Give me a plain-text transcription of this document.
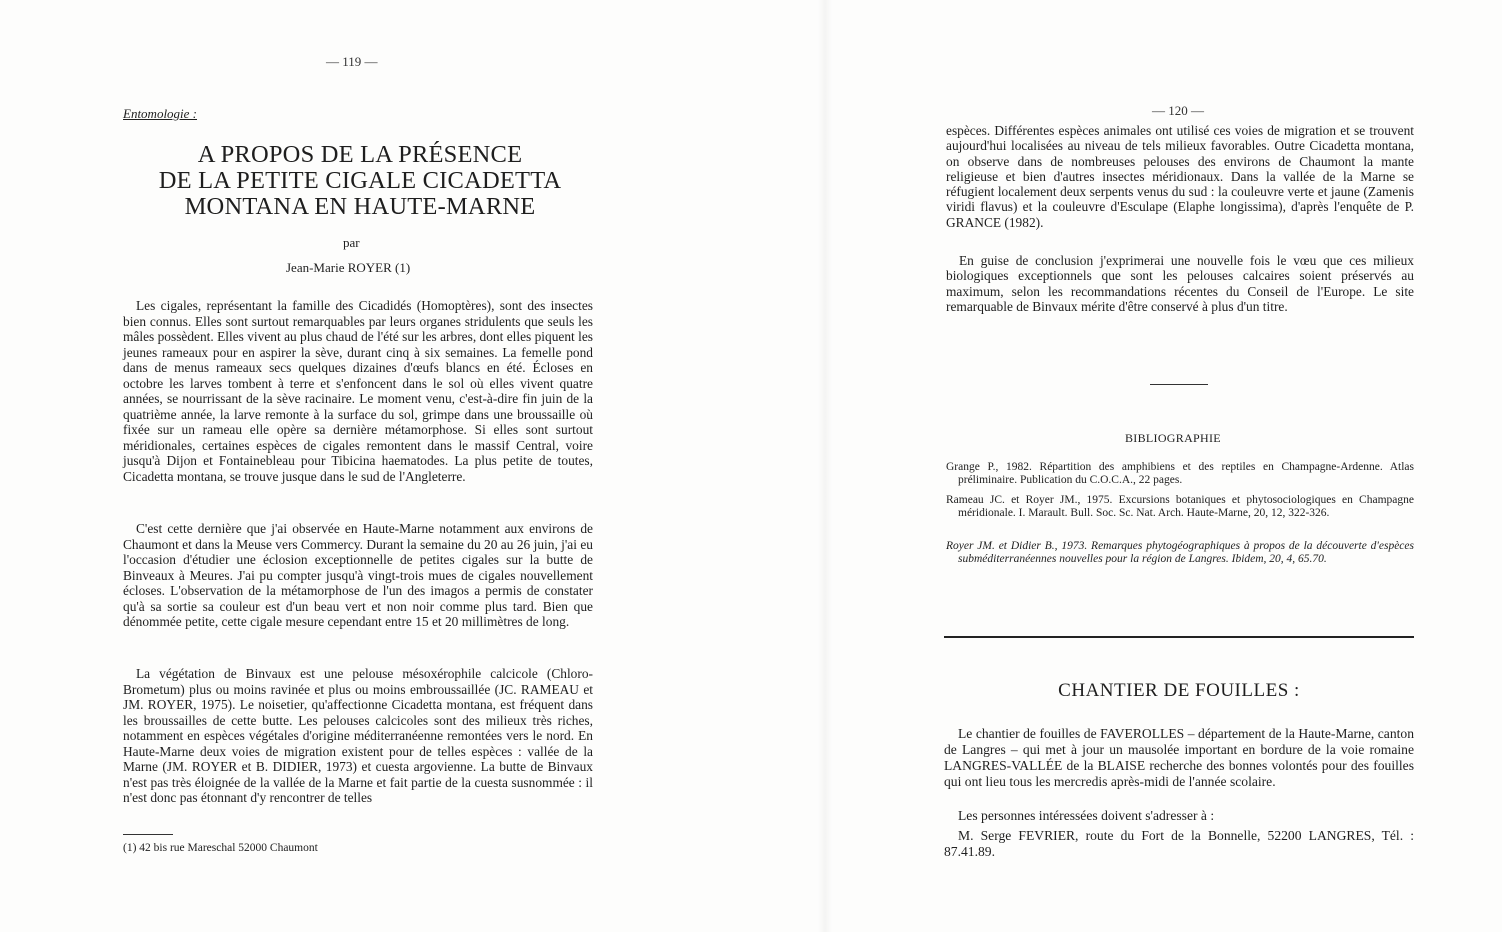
— 119 —
Entomologie :
A PROPOS DE LA PRÉSENCE
DE LA PETITE CIGALE CICADETTA
MONTANA EN HAUTE-MARNE
par
Jean-Marie ROYER (1)

Les cigales, représentant la famille des Cicadidés (Homoptères), sont des insectes bien connus. Elles sont surtout remarquables par leurs organes stridulents que seuls les mâles possèdent. Elles vivent au plus chaud de l'été sur les arbres, dont elles piquent les jeunes rameaux pour en aspirer la sève, durant cinq à six semaines. La femelle pond dans de menus rameaux secs quelques dizaines d'œufs blancs en été. Écloses en octobre les larves tombent à terre et s'enfoncent dans le sol où elles vivent quatre années, se nourrissant de la sève racinaire. Le moment venu, c'est-à-dire fin juin de la quatrième année, la larve remonte à la surface du sol, grimpe dans une broussaille où fixée sur un rameau elle opère sa dernière métamorphose. Si elles sont surtout méridionales, certaines espèces de cigales remontent dans le massif Central, voire jusqu'à Dijon et Fontainebleau pour Tibicina haematodes. La plus petite de toutes, Cicadetta montana, se trouve jusque dans le sud de l'Angleterre.

C'est cette dernière que j'ai observée en Haute-Marne notamment aux environs de Chaumont et dans la Meuse vers Commercy. Durant la semaine du 20 au 26 juin, j'ai eu l'occasion d'étudier une éclosion exceptionnelle de petites cigales sur la butte de Binveaux à Meures. J'ai pu compter jusqu'à vingt-trois mues de cigales nouvellement écloses. L'observation de la métamorphose de l'un des imagos a permis de constater qu'à sa sortie sa couleur est d'un beau vert et non noir comme plus tard. Bien que dénommée petite, cette cigale mesure cependant entre 15 et 20 millimètres de long.

La végétation de Binvaux est une pelouse mésoxérophile calcicole (Chloro-Brometum) plus ou moins ravinée et plus ou moins embroussaillée (JC. RAMEAU et JM. ROYER, 1975). Le noisetier, qu'affectionne Cicadetta montana, est fréquent dans les broussailles de cette butte. Les pelouses calcicoles sont des milieux très riches, notamment en espèces végétales d'origine méditerranéenne remontées vers le nord. En Haute-Marne deux voies de migration existent pour de telles espèces : vallée de la Marne (JM. ROYER et B. DIDIER, 1973) et cuesta argovienne. La butte de Binvaux n'est pas très éloignée de la vallée de la Marne et fait partie de la cuesta susnommée : il n'est donc pas étonnant d'y rencontrer de telles

(1) 42 bis rue Mareschal 52000 Chaumont
— 120 —

espèces. Différentes espèces animales ont utilisé ces voies de migration et se trouvent aujourd'hui localisées au niveau de tels milieux favorables. Outre Cicadetta montana, on observe dans de nombreuses pelouses des environs de Chaumont la mante religieuse et bien d'autres insectes méridionaux. Dans la vallée de la Marne se réfugient localement deux serpents venus du sud : la couleuvre verte et jaune (Zamenis viridi flavus) et la couleuvre d'Esculape (Elaphe longissima), d'après l'enquête de P. GRANCE (1982).

En guise de conclusion j'exprimerai une nouvelle fois le vœu que ces milieux biologiques exceptionnels que sont les pelouses calcaires soient préservés au maximum, selon les recommandations récentes du Conseil de l'Europe. Le site remarquable de Binvaux mérite d'être conservé à plus d'un titre.

BIBLIOGRAPHIE

Grange P., 1982. Répartition des amphibiens et des reptiles en Champagne-Ardenne. Atlas préliminaire. Publication du C.O.C.A., 22 pages.

Rameau JC. et Royer JM., 1975. Excursions botaniques et phytosociologiques en Champagne méridionale. I. Marault. Bull. Soc. Sc. Nat. Arch. Haute-Marne, 20, 12, 322-326.

Royer JM. et Didier B., 1973. Remarques phytogéographiques à propos de la découverte d'espèces subméditerranéennes nouvelles pour la région de Langres. Ibidem, 20, 4, 65.70.

CHANTIER DE FOUILLES :

Le chantier de fouilles de FAVEROLLES – département de la Haute-Marne, canton de Langres – qui met à jour un mausolée important en bordure de la voie romaine LANGRES-VALLÉE de la BLAISE recherche des bonnes volontés pour des fouilles qui ont lieu tous les mercredis après-midi de l'année scolaire.

Les personnes intéressées doivent s'adresser à :

M. Serge FEVRIER, route du Fort de la Bonnelle, 52200 LANGRES, Tél. : 87.41.89.
